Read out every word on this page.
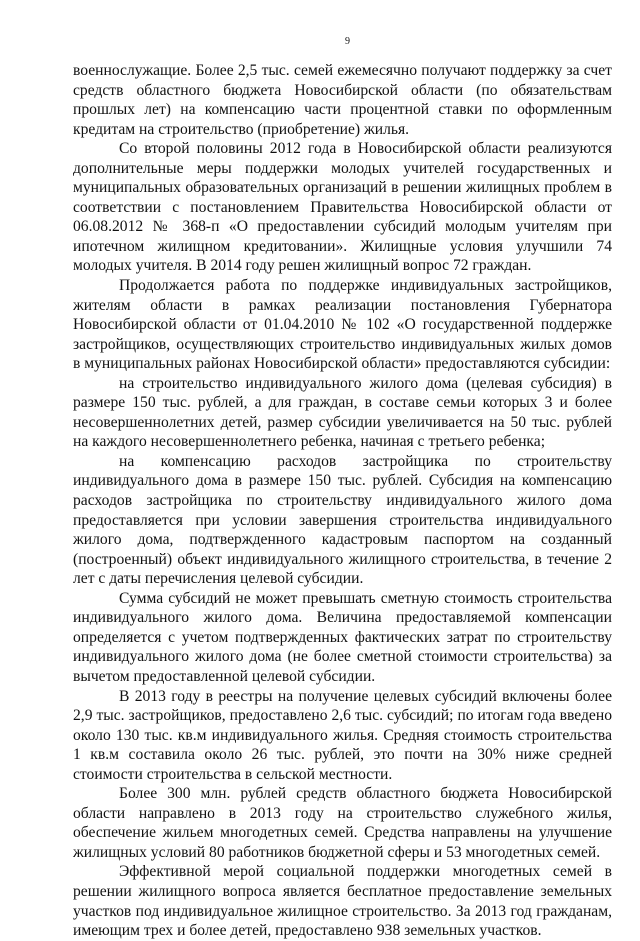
9

военнослужащие. Более 2,5 тыс. семей ежемесячно получают поддержку за счет средств областного бюджета Новосибирской области (по обязательствам прошлых лет) на компенсацию части процентной ставки по оформленным кредитам на строительство (приобретение) жилья.

Со второй половины 2012 года в Новосибирской области реализуются дополнительные меры поддержки молодых учителей государственных и муниципальных образовательных организаций в решении жилищных проблем в соответствии с постановлением Правительства Новосибирской области от 06.08.2012 № 368-п «О предоставлении субсидий молодым учителям при ипотечном жилищном кредитовании». Жилищные условия улучшили 74 молодых учителя. В 2014 году решен жилищный вопрос 72 граждан.

Продолжается работа по поддержке индивидуальных застройщиков, жителям области в рамках реализации постановления Губернатора Новосибирской области от 01.04.2010 № 102 «О государственной поддержке застройщиков, осуществляющих строительство индивидуальных жилых домов в муниципальных районах Новосибирской области» предоставляются субсидии:

на строительство индивидуального жилого дома (целевая субсидия) в размере 150 тыс. рублей, а для граждан, в составе семьи которых 3 и более несовершеннолетних детей, размер субсидии увеличивается на 50 тыс. рублей на каждого несовершеннолетнего ребенка, начиная с третьего ребенка;

на компенсацию расходов застройщика по строительству индивидуального дома в размере 150 тыс. рублей. Субсидия на компенсацию расходов застройщика по строительству индивидуального жилого дома предоставляется при условии завершения строительства индивидуального жилого дома, подтвержденного кадастровым паспортом на созданный (построенный) объект индивидуального жилищного строительства, в течение 2 лет с даты перечисления целевой субсидии.

Сумма субсидий не может превышать сметную стоимость строительства индивидуального жилого дома. Величина предоставляемой компенсации определяется с учетом подтвержденных фактических затрат по строительству индивидуального жилого дома (не более сметной стоимости строительства) за вычетом предоставленной целевой субсидии.

В 2013 году в реестры на получение целевых субсидий включены более 2,9 тыс. застройщиков, предоставлено 2,6 тыс. субсидий; по итогам года введено около 130 тыс. кв.м индивидуального жилья. Средняя стоимость строительства 1 кв.м составила около 26 тыс. рублей, это почти на 30% ниже средней стоимости строительства в сельской местности.

Более 300 млн. рублей средств областного бюджета Новосибирской области направлено в 2013 году на строительство служебного жилья, обеспечение жильем многодетных семей. Средства направлены на улучшение жилищных условий 80 работников бюджетной сферы и 53 многодетных семей.

Эффективной мерой социальной поддержки многодетных семей в решении жилищного вопроса является бесплатное предоставление земельных участков под индивидуальное жилищное строительство. За 2013 год гражданам, имеющим трех и более детей, предоставлено 938 земельных участков.
